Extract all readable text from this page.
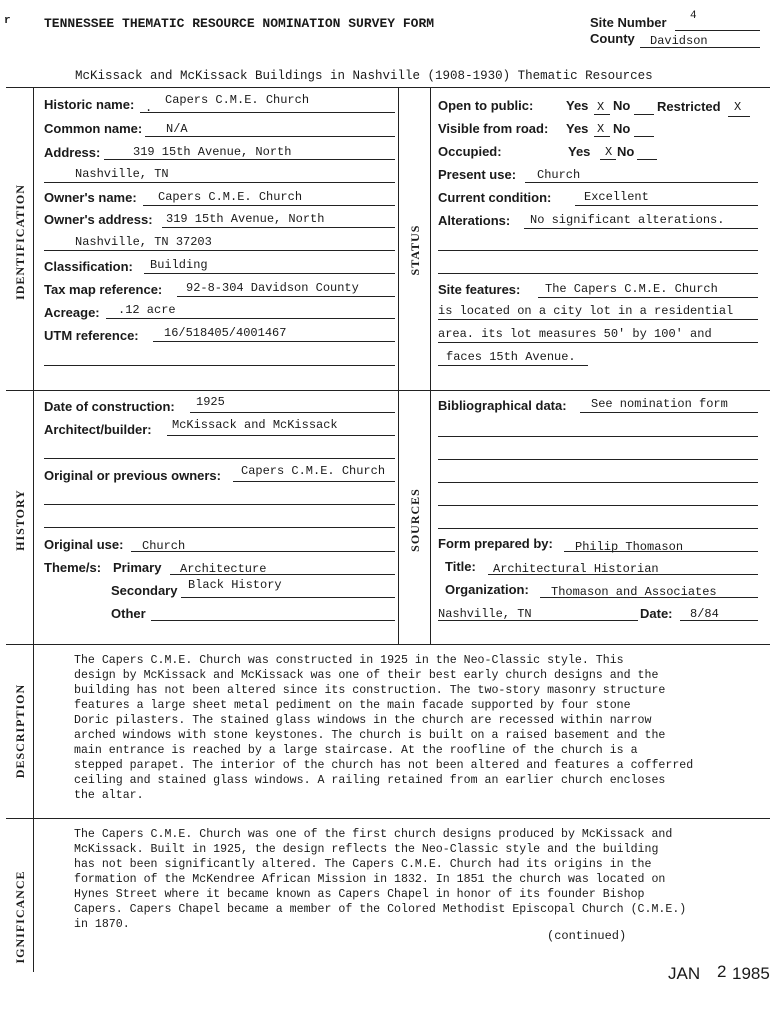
r	TENNESSEE THEMATIC RESOURCE NOMINATION SURVEY FORM	Site Number 4
County Davidson
McKissack and McKissack Buildings in Nashville (1908-1930) Thematic Resources
IDENTIFICATION	STATUS
HISTORY	SOURCES
DESCRIPTION
IGNIFICANCE
Historic name: .
Capers C.M.E. Church
Common name: N/A
Address:	319 15th Avenue, North
Nashville, TN
Owner's name: Capers C.M.E. Church
Owner's address: 319 15th Avenue, North
Nashville, TN 37203
Classification: Building
Tax map reference: 92-8-304 Davidson County
Acreage: .12 acre
UTM reference: 16/518405/4001467
Open to public:	Yes X No Restricted X
Visible from road: Yes X No
Occupied:	Yes X No
Present use: Church
Current condition:	Excellent
Alterations: No significant alterations.
Site features: The Capers C.M.E. Church
is located on a city lot in a residential
area. its lot measures 50' by 100' and
faces 15th Avenue.
Date of construction: 1925
Architect/builder: McKissack and McKissack
Original or previous owners: Capers C.M.E. Church
Original use: Church
Theme/s: Primary Architecture
Secondary Black History
Other
Bibliographical data: See nomination form
Form prepared by: Philip Thomason
Title: Architectural Historian
Organization: Thomason and Associates
Nashville, TN	Date: 8/84
The Capers C.M.E. Church was constructed in 1925 in the Neo-Classic style. This
design by McKissack and McKissack was one of their best early church designs and the
building has not been altered since its construction. The two-story masonry structure
features a large sheet metal pediment on the main facade supported by four stone
Doric pilasters. The stained glass windows in the church are recessed within narrow
arched windows with stone keystones. The church is built on a raised basement and the
main entrance is reached by a large staircase. At the roofline of the church is a
stepped parapet. The interior of the church has not been altered and features a cofferred
ceiling and stained glass windows. A railing retained from an earlier church encloses
the altar.
The Capers C.M.E. Church was one of the first church designs produced by McKissack and
McKissack. Built in 1925, the design reflects the Neo-Classic style and the building
has not been significantly altered. The Capers C.M.E. Church had its origins in the
formation of the McKendree African Mission in 1832. In 1851 the church was located on
Hynes Street where it became known as Capers Chapel in honor of its founder Bishop
Capers. Capers Chapel became a member of the Colored Methodist Episcopal Church (C.M.E.)
in 1870.
(continued)
JAN 2 1985
